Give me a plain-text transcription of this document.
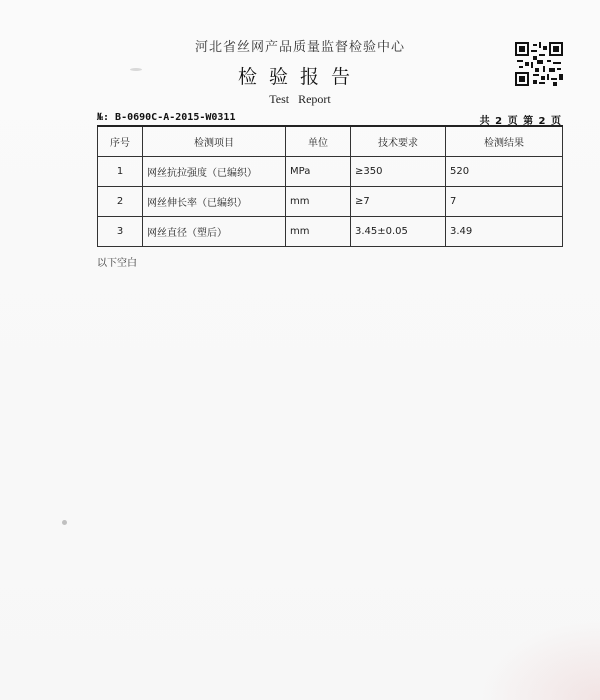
河北省丝网产品质量监督检验中心
检验报告
Test Report
№: B-0690C-A-2015-W0311	共 2 页 第 2 页
序号	检测项目	单位	技术要求	检测结果
1	网丝抗拉强度（已编织）	MPa	≥350	520
2	网丝伸长率（已编织）	mm	≥7	7
3	网丝直径（塑后）	mm	3.45±0.05	3.49
以下空白
